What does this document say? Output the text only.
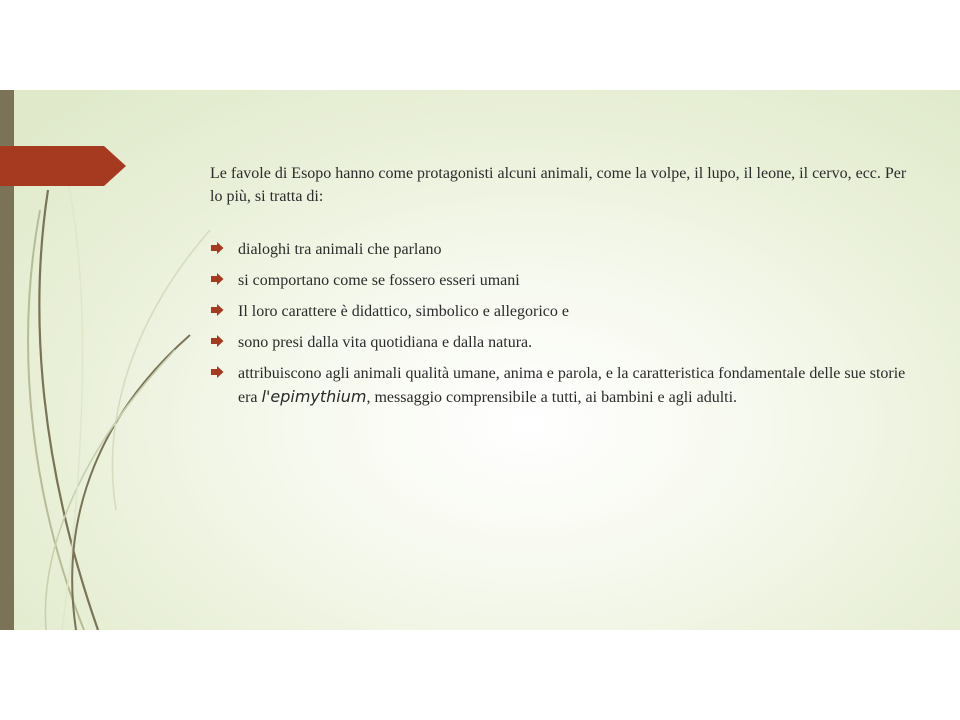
Le favole di Esopo hanno come protagonisti alcuni animali, come la volpe, il lupo, il leone, il cervo, ecc. Per lo più, si tratta di:

dialoghi tra animali che parlano
si comportano come se fossero esseri umani
Il loro carattere è didattico, simbolico e allegorico e
sono presi dalla vita quotidiana e dalla natura.
attribuiscono agli animali qualità umane, anima e parola, e la caratteristica fondamentale delle sue storie era l'epimythium, messaggio comprensibile a tutti, ai bambini e agli adulti.
